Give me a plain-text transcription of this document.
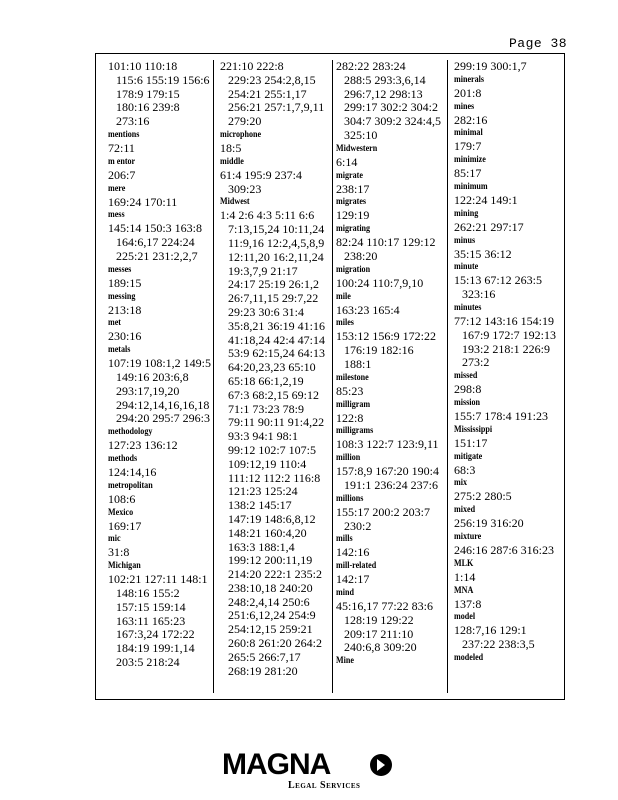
Page 38
101:10 110:18
115:6 155:19 156:6
178:9 179:15
180:16 239:8
273:16
mentions
72:11
m entor
206:7
mere
169:24 170:11
mess
145:14 150:3 163:8
164:6,17 224:24
225:21 231:2,2,7
messes
189:15
messing
213:18
met
230:16
metals
107:19 108:1,2 149:5
149:16 203:6,8
293:17,19,20
294:12,14,16,16,18
294:20 295:7 296:3
methodology
127:23 136:12
methods
124:14,16
metropolitan
108:6
Mexico
169:17
mic
31:8
Michigan
102:21 127:11 148:1
148:16 155:2
157:15 159:14
163:11 165:23
167:3,24 172:22
184:19 199:1,14
203:5 218:24
221:10 222:8
229:23 254:2,8,15
254:21 255:1,17
256:21 257:1,7,9,11
279:20
microphone
18:5
middle
61:4 195:9 237:4
309:23
Midwest
1:4 2:6 4:3 5:11 6:6
7:13,15,24 10:11,24
11:9,16 12:2,4,5,8,9
12:11,20 16:2,11,24
19:3,7,9 21:17
24:17 25:19 26:1,2
26:7,11,15 29:7,22
29:23 30:6 31:4
35:8,21 36:19 41:16
41:18,24 42:4 47:14
53:9 62:15,24 64:13
64:20,23,23 65:10
65:18 66:1,2,19
67:3 68:2,15 69:12
71:1 73:23 78:9
79:11 90:11 91:4,22
93:3 94:1 98:1
99:12 102:7 107:5
109:12,19 110:4
111:12 112:2 116:8
121:23 125:24
138:2 145:17
147:19 148:6,8,12
148:21 160:4,20
163:3 188:1,4
199:12 200:11,19
214:20 222:1 235:2
238:10,18 240:20
248:2,4,14 250:6
251:6,12,24 254:9
254:12,15 259:21
260:8 261:20 264:2
265:5 266:7,17
268:19 281:20
282:22 283:24
288:5 293:3,6,14
296:7,12 298:13
299:17 302:2 304:2
304:7 309:2 324:4,5
325:10
Midwestern
6:14
migrate
238:17
migrates
129:19
migrating
82:24 110:17 129:12
238:20
migration
100:24 110:7,9,10
mile
163:23 165:4
miles
153:12 156:9 172:22
176:19 182:16
188:1
milestone
85:23
milligram
122:8
milligrams
108:3 122:7 123:9,11
million
157:8,9 167:20 190:4
191:1 236:24 237:6
millions
155:17 200:2 203:7
230:2
mills
142:16
mill-related
142:17
mind
45:16,17 77:22 83:6
128:19 129:22
209:17 211:10
240:6,8 309:20
Mine
299:19 300:1,7
minerals
201:8
mines
282:16
minimal
179:7
minimize
85:17
minimum
122:24 149:1
mining
262:21 297:17
minus
35:15 36:12
minute
15:13 67:12 263:5
323:16
minutes
77:12 143:16 154:19
167:9 172:7 192:13
193:2 218:1 226:9
273:2
missed
298:8
mission
155:7 178:4 191:23
Mississippi
151:17
mitigate
68:3
mix
275:2 280:5
mixed
256:19 316:20
mixture
246:16 287:6 316:23
MLK
1:14
MNA
137:8
model
128:7,16 129:1
237:22 238:3,5
modeled
MAGNA
Legal Services
